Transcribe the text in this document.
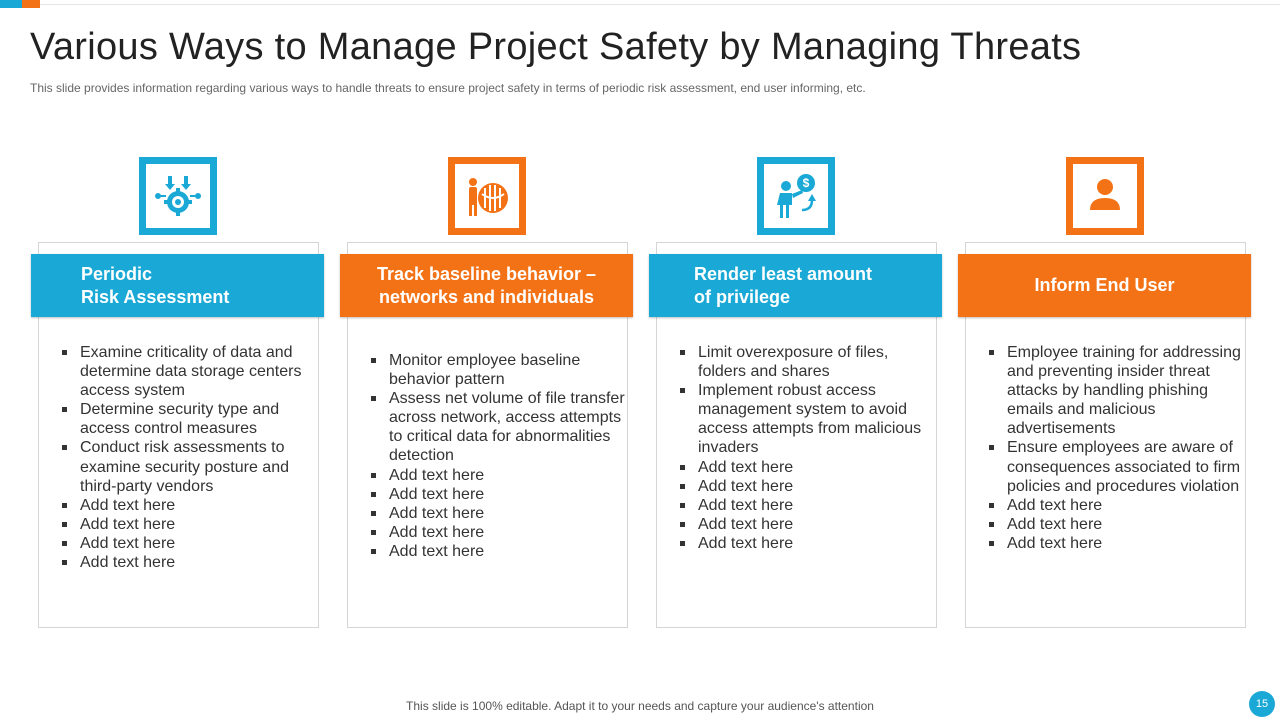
Various Ways to Manage Project Safety by Managing Threats

This slide provides information regarding various ways to handle threats to ensure project safety in terms of periodic risk assessment, end user informing, etc.

Periodic
Risk Assessment
Examine criticality of data and determine data storage centers access system
Determine security type and access control measures
Conduct risk assessments to examine security posture and third-party vendors
Add text here
Add text here
Add text here
Add text here
Track baseline behavior –
networks and individuals
Monitor employee baseline behavior pattern
Assess net volume of file transfer across network, access attempts to critical data for abnormalities detection
Add text here
Add text here
Add text here
Add text here
Add text here
$
Render least amount
of privilege
Limit overexposure of files, folders and shares
Implement robust access management system to avoid access attempts from malicious invaders
Add text here
Add text here
Add text here
Add text here
Add text here
Inform End User
Employee training for addressing and preventing insider threat attacks by handling phishing emails and malicious advertisements
Ensure employees are aware of consequences associated to firm policies and procedures violation
Add text here
Add text here
Add text here
This slide is 100% editable. Adapt it to your needs and capture your audience's attention	15
